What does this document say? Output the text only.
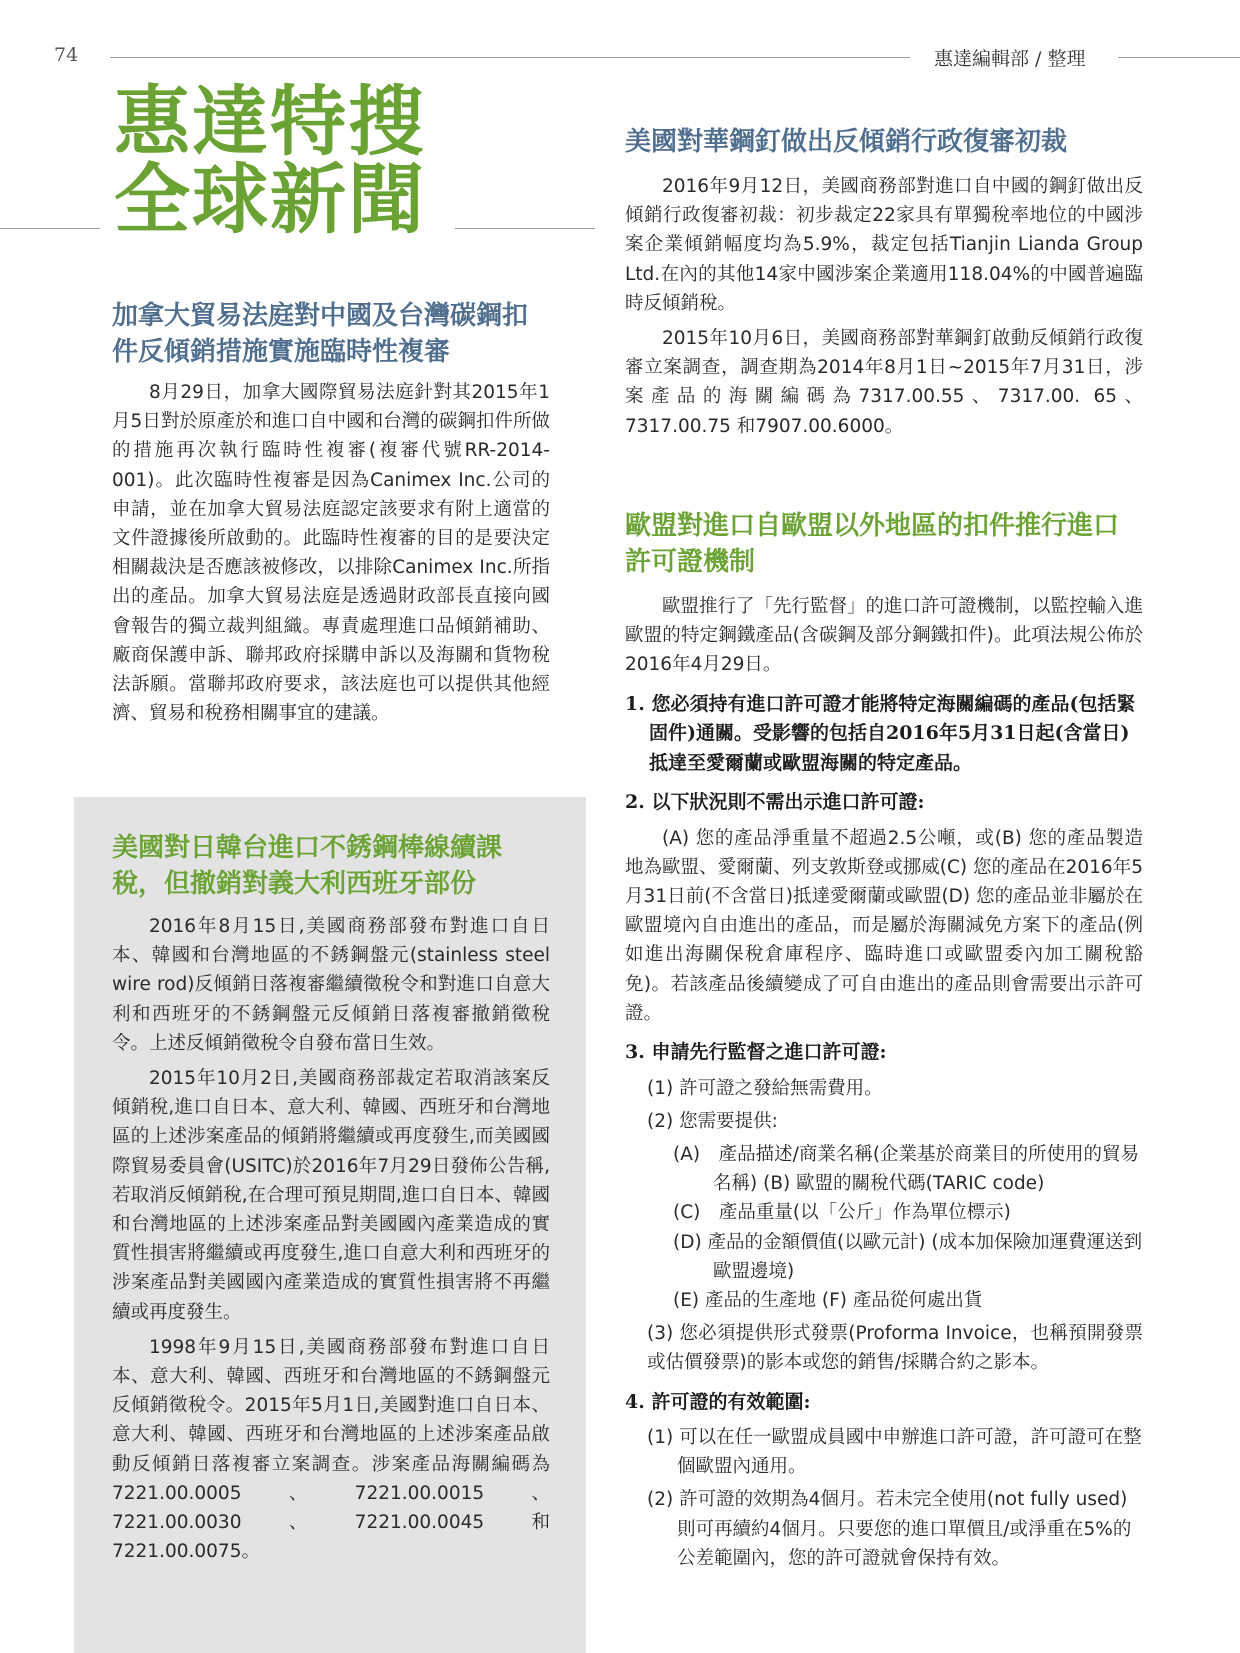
74	惠達編輯部 / 整理
惠達特搜
全球新聞
加拿大貿易法庭對中國及台灣碳鋼扣件反傾銷措施實施臨時性複審

8月29日，加拿大國際貿易法庭針對其2015年1月5日對於原產於和進口自中國和台灣的碳鋼扣件所做的措施再次執行臨時性複審(複審代號RR-2014-001)。此次臨時性複審是因為Canimex Inc.公司的申請，並在加拿大貿易法庭認定該要求有附上適當的文件證據後所啟動的。此臨時性複審的目的是要決定相關裁決是否應該被修改，以排除Canimex Inc.所指出的產品。加拿大貿易法庭是透過財政部長直接向國會報告的獨立裁判組織。專責處理進口品傾銷補助、廠商保護申訴、聯邦政府採購申訴以及海關和貨物稅法訴願。當聯邦政府要求，該法庭也可以提供其他經濟、貿易和稅務相關事宜的建議。

美國對日韓台進口不銹鋼棒線續課稅，但撤銷對義大利西班牙部份

2016年8月15日,美國商務部發布對進口自日本、韓國和台灣地區的不銹鋼盤元(stainless steel wire rod)反傾銷日落複審繼續徵稅令和對進口自意大利和西班牙的不銹鋼盤元反傾銷日落複審撤銷徵稅令。上述反傾銷徵稅令自發布當日生效。

2015年10月2日,美國商務部裁定若取消該案反傾銷稅,進口自日本、意大利、韓國、西班牙和台灣地區的上述涉案產品的傾銷將繼續或再度發生,而美國國際貿易委員會(USITC)於2016年7月29日發佈公告稱,若取消反傾銷稅,在合理可預見期間,進口自日本、韓國和台灣地區的上述涉案產品對美國國內產業造成的實質性損害將繼續或再度發生,進口自意大利和西班牙的涉案產品對美國國內產業造成的實質性損害將不再繼續或再度發生。

1998年9月15日,美國商務部發布對進口自日本、意大利、韓國、西班牙和台灣地區的不銹鋼盤元反傾銷徵稅令。2015年5月1日,美國對進口自日本、意大利、韓國、西班牙和台灣地區的上述涉案產品啟動反傾銷日落複審立案調查。涉案產品海關編碼為7221.00.0005、7221.00.0015、7221.00.0030、7221.00.0045和7221.00.0075。

美國對華鋼釘做出反傾銷行政復審初裁

2016年9月12日，美國商務部對進口自中國的鋼釘做出反傾銷行政復審初裁：初步裁定22家具有單獨稅率地位的中國涉案企業傾銷幅度均為5.9%，裁定包括Tianjin Lianda Group Ltd.在內的其他14家中國涉案企業適用118.04%的中國普遍臨時反傾銷稅。

2015年10月6日，美國商務部對華鋼釘啟動反傾銷行政復審立案調查，調查期為2014年8月1日~2015年7月31日，涉案產品的海關編碼為7317.00.55、7317.00. 65、7317.00.75 和7907.00.6000。

歐盟對進口自歐盟以外地區的扣件推行進口許可證機制

歐盟推行了「先行監督」的進口許可證機制，以監控輸入進歐盟的特定鋼鐵產品(含碳鋼及部分鋼鐵扣件)。此項法規公佈於2016年4月29日。

1. 您必須持有進口許可證才能將特定海關編碼的產品(包括緊固件)通關。受影響的包括自2016年5月31日起(含當日)抵達至愛爾蘭或歐盟海關的特定產品。
2. 以下狀況則不需出示進口許可證:

(A) 您的產品淨重量不超過2.5公噸，或(B) 您的產品製造地為歐盟、愛爾蘭、列支敦斯登或挪威(C) 您的產品在2016年5月31日前(不含當日)抵達愛爾蘭或歐盟(D) 您的產品並非屬於在歐盟境內自由進出的產品，而是屬於海關減免方案下的產品(例如進出海關保稅倉庫程序、臨時進口或歐盟委內加工關稅豁免)。若該產品後續變成了可自由進出的產品則會需要出示許可證。

3. 申請先行監督之進口許可證:
(1) 許可證之發給無需費用。
(2) 您需要提供:
(A)　產品描述/商業名稱(企業基於商業目的所使用的貿易名稱) (B) 歐盟的關稅代碼(TARIC code)
(C)　產品重量(以「公斤」作為單位標示)
(D) 產品的金額價值(以歐元計) (成本加保險加運費運送到歐盟邊境)
(E) 產品的生產地 (F) 產品從何處出貨

(3) 您必須提供形式發票(Proforma Invoice，也稱預開發票或估價發票)的影本或您的銷售/採購合約之影本。

4. 許可證的有效範圍:
(1) 可以在任一歐盟成員國中申辦進口許可證，許可證可在整個歐盟內通用。
(2) 許可證的效期為4個月。若未完全使用(not fully used)則可再續約4個月。只要您的進口單價且/或淨重在5%的公差範圍內，您的許可證就會保持有效。
